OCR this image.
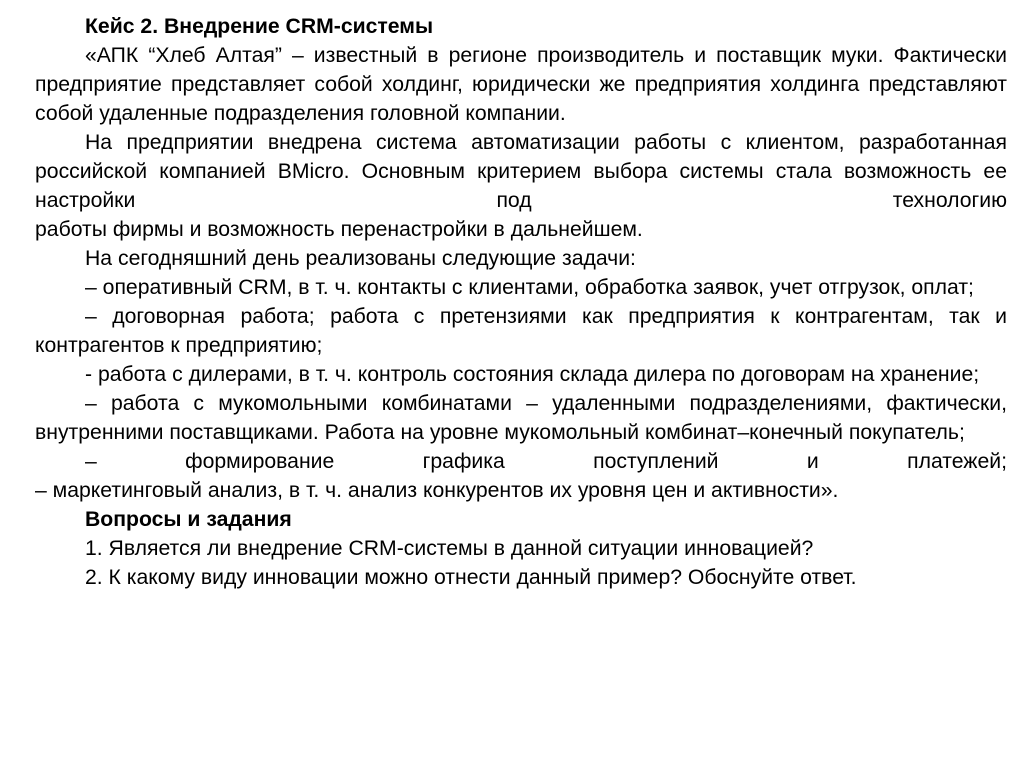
Кейс 2. Внедрение CRM-системы

«АПК “Хлеб Алтая” – известный в регионе производитель и поставщик муки. Фактически предприятие представляет собой холдинг, юридически же предприятия холдинга представляют собой удаленные подразделения головной компании.

На предприятии внедрена система автоматизации работы с клиентом, разработанная российской компанией BMicro. Основным критерием выбора системы стала возможность ее настройки под технологию

работы фирмы и возможность перенастройки в дальнейшем.

На сегодняшний день реализованы следующие задачи:

– оперативный CRM, в т. ч. контакты с клиентами, обработка заявок, учет отгрузок, оплат;

– договорная работа; работа с претензиями как предприятия к контрагентам, так и контрагентов к предприятию;

- работа с дилерами, в т. ч. контроль состояния склада дилера по договорам на хранение;

– работа с мукомольными комбинатами – удаленными подразделениями, фактически, внутренними поставщиками. Работа на уровне мукомольный комбинат–конечный покупатель;

– формирование графика поступлений и платежей;

– маркетинговый анализ, в т. ч. анализ конкурентов их уровня цен и активности».

Вопросы и задания

1. Является ли внедрение CRM-системы в данной ситуации инновацией?

2. К какому виду инновации можно отнести данный пример? Обоснуйте ответ.
